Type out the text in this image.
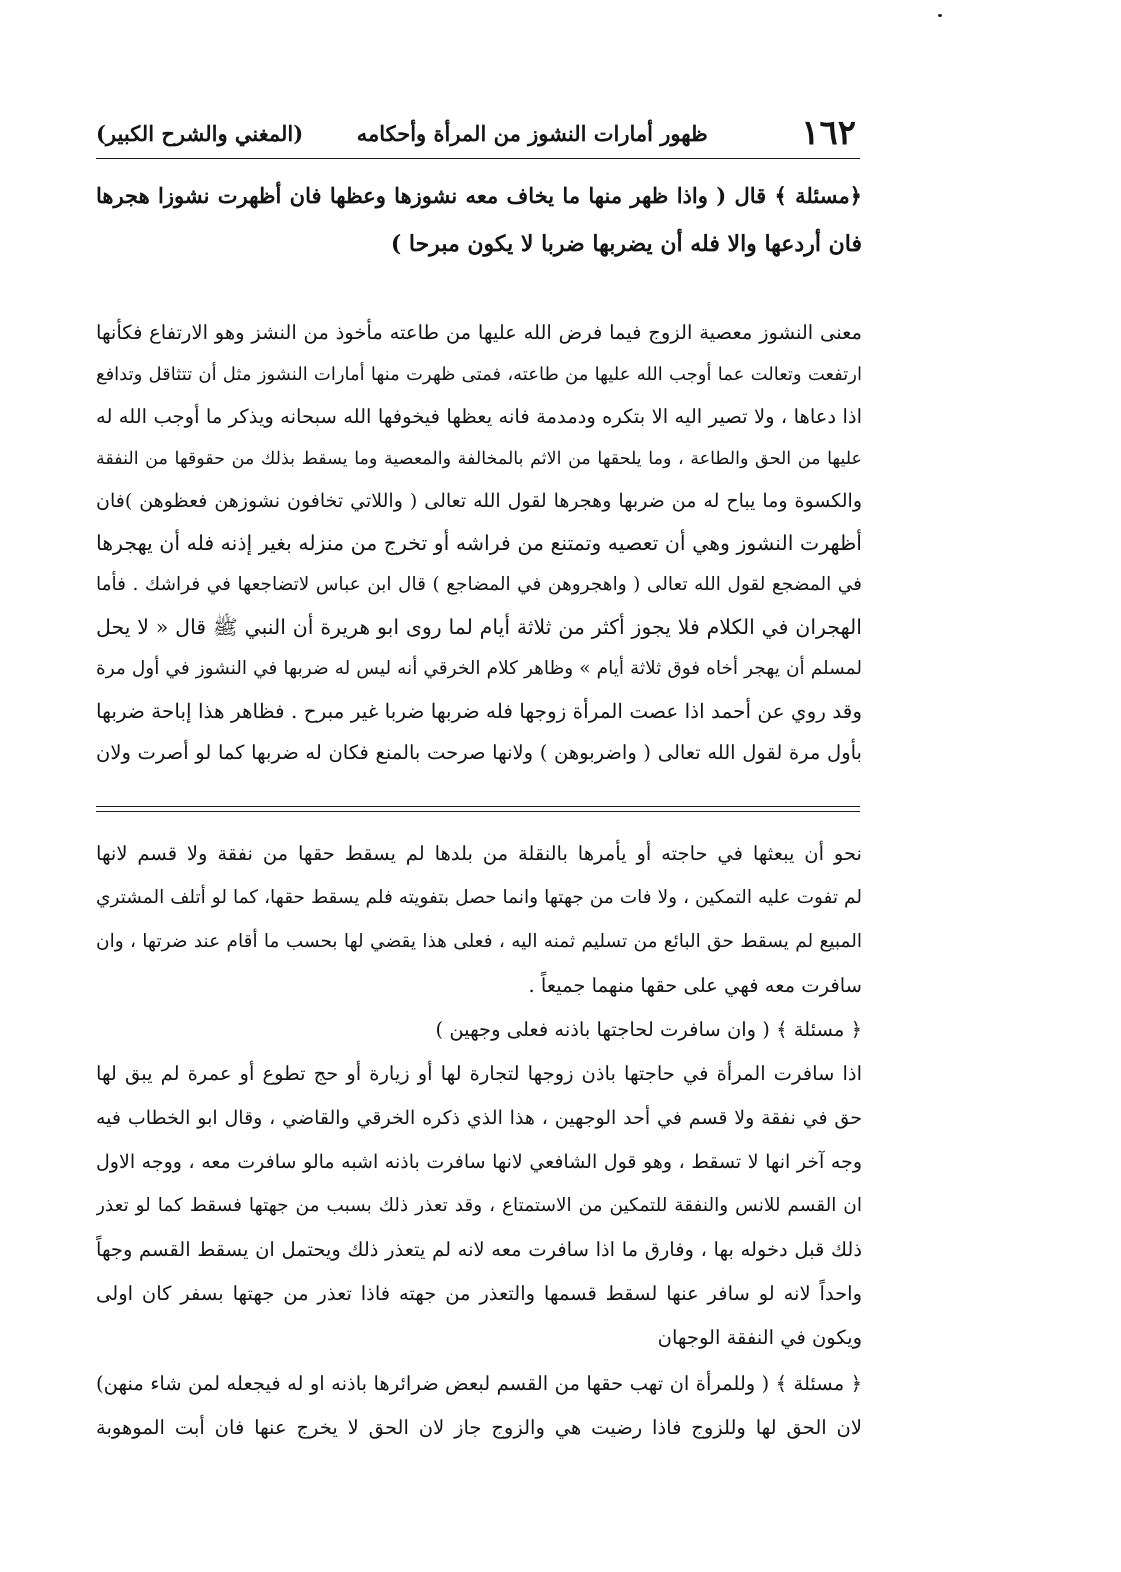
١٦٢
ظهور أمارات النشوز من المرأة وأحكامه
(المغني والشرح الكبير)
﴿مسئلة ﴾ قال ( واذا ظهر منها ما يخاف معه نشوزها وعظها فان أظهرت نشوزا هجرها
فان أردعها والا فله أن يضربها ضربا لا يكون مبرحا )
معنى النشوز معصية الزوج فيما فرض الله عليها من طاعته مأخوذ من النشز وهو الارتفاع فكأنها
ارتفعت وتعالت عما أوجب الله عليها من طاعته، فمتى ظهرت منها أمارات النشوز مثل أن تتثاقل وتدافع
اذا دعاها ، ولا تصير اليه الا بتكره ودمدمة فانه يعظها فيخوفها الله سبحانه ويذكر ما أوجب الله له
عليها من الحق والطاعة ، وما يلحقها من الاثم بالمخالفة والمعصية وما يسقط بذلك من حقوقها من النفقة
والكسوة وما يباح له من ضربها وهجرها لقول الله تعالى ( واللاتي تخافون نشوزهن فعظوهن )فان
أظهرت النشوز وهي أن تعصيه وتمتنع من فراشه أو تخرج من منزله بغير إذنه فله أن يهجرها
في المضجع لقول الله تعالى ( واهجروهن في المضاجع ) قال ابن عباس لاتضاجعها في فراشك . فأما
الهجران في الكلام فلا يجوز أكثر من ثلاثة أيام لما روى ابو هريرة أن النبي ﷺ قال « لا يحل
لمسلم أن يهجر أخاه فوق ثلاثة أيام » وظاهر كلام الخرقي أنه ليس له ضربها في النشوز في أول مرة
وقد روي عن أحمد اذا عصت المرأة زوجها فله ضربها ضربا غير مبرح . فظاهر هذا إباحة ضربها
بأول مرة لقول الله تعالى ( واضربوهن ) ولانها صرحت بالمنع فكان له ضربها كما لو أصرت ولان
نحو أن يبعثها في حاجته أو يأمرها بالنقلة من بلدها لم يسقط حقها من نفقة ولا قسم لانها
لم تفوت عليه التمكين ، ولا فات من جهتها وانما حصل بتفويته فلم يسقط حقها، كما لو أتلف المشتري
المبيع لم يسقط حق البائع من تسليم ثمنه اليه ، فعلى هذا يقضي لها بحسب ما أقام عند ضرتها ، وان
سافرت معه فهي على حقها منهما جميعاً .
﴿ مسئلة ﴾ ( وان سافرت لحاجتها باذنه فعلى وجهين )
اذا سافرت المرأة في حاجتها باذن زوجها لتجارة لها أو زيارة أو حج تطوع أو عمرة لم يبق لها
حق في نفقة ولا قسم في أحد الوجهين ، هذا الذي ذكره الخرقي والقاضي ، وقال ابو الخطاب فيه
وجه آخر انها لا تسقط ، وهو قول الشافعي لانها سافرت باذنه اشبه مالو سافرت معه ، ووجه الاول
ان القسم للانس والنفقة للتمكين من الاستمتاع ، وقد تعذر ذلك بسبب من جهتها فسقط كما لو تعذر
ذلك قبل دخوله بها ، وفارق ما اذا سافرت معه لانه لم يتعذر ذلك ويحتمل ان يسقط القسم وجهاً
واحداً لانه لو سافر عنها لسقط قسمها والتعذر من جهته فاذا تعذر من جهتها بسفر كان اولى
ويكون في النفقة الوجهان
﴿ مسئلة ﴾ ( وللمرأة ان تهب حقها من القسم لبعض ضرائرها باذنه او له فيجعله لمن شاء منهن)
لان الحق لها وللزوج فاذا رضيت هي والزوج جاز لان الحق لا يخرج عنها فان أبت الموهوبة
